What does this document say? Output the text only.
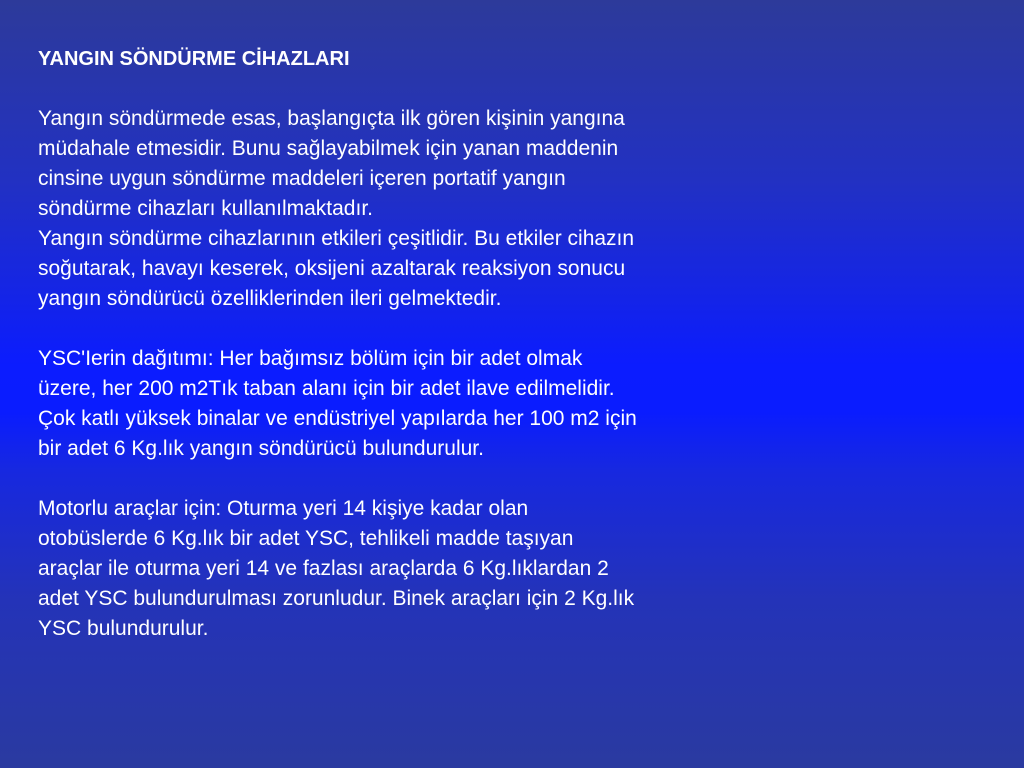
YANGIN SÖNDÜRME CİHAZLARI

Yangın söndürmede esas, başlangıçta ilk gören kişinin yangına
müdahale etmesidir. Bunu sağlayabilmek için yanan maddenin
cinsine uygun söndürme maddeleri içeren portatif yangın
söndürme cihazları kullanılmaktadır.

Yangın söndürme cihazlarının etkileri çeşitlidir. Bu etkiler cihazın
soğutarak, havayı keserek, oksijeni azaltarak reaksiyon sonucu
yangın söndürücü özelliklerinden ileri gelmektedir.

YSC'Ierin dağıtımı: Her bağımsız bölüm için bir adet olmak
üzere, her 200 m2Tık taban alanı için bir adet ilave edilmelidir.
Çok katlı yüksek binalar ve endüstriyel yapılarda her 100 m2 için
bir adet 6 Kg.lık yangın söndürücü bulundurulur.

Motorlu araçlar için: Oturma yeri 14 kişiye kadar olan
otobüslerde 6 Kg.lık bir adet YSC, tehlikeli madde taşıyan
araçlar ile oturma yeri 14 ve fazlası araçlarda 6 Kg.lıklardan 2
adet YSC bulundurulması zorunludur. Binek araçları için 2 Kg.lık
YSC bulundurulur.
